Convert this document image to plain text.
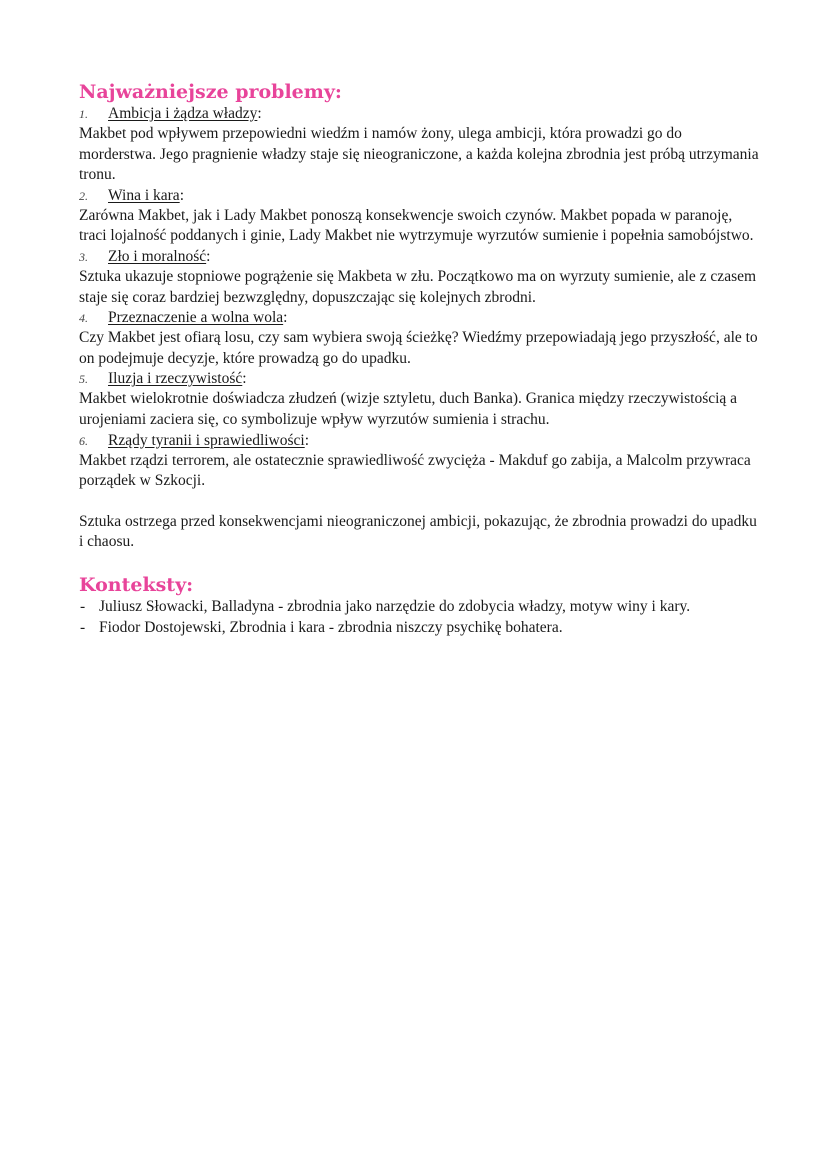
Najważniejsze problemy:
1. Ambicja i żądza władzy:

Makbet pod wpływem przepowiedni wiedźm i namów żony, ulega ambicji, która prowadzi go do morderstwa. Jego pragnienie władzy staje się nieograniczone, a każda kolejna zbrodnia jest próbą utrzymania tronu.

2. Wina i kara:

Zarówna Makbet, jak i Lady Makbet ponoszą konsekwencje swoich czynów. Makbet popada w paranoję, traci lojalność poddanych i ginie, Lady Makbet nie wytrzymuje wyrzutów sumienie i popełnia samobójstwo.

3. Zło i moralność:

Sztuka ukazuje stopniowe pogrążenie się Makbeta w złu. Początkowo ma on wyrzuty sumienie, ale z czasem staje się coraz bardziej bezwzględny, dopuszczając się kolejnych zbrodni.

4. Przeznaczenie a wolna wola:

Czy Makbet jest ofiarą losu, czy sam wybiera swoją ścieżkę? Wiedźmy przepowiadają jego przyszłość, ale to on podejmuje decyzje, które prowadzą go do upadku.

5. Iluzja i rzeczywistość:

Makbet wielokrotnie doświadcza złudzeń (wizje sztyletu, duch Banka). Granica między rzeczywistością a urojeniami zaciera się, co symbolizuje wpływ wyrzutów sumienia i strachu.

6. Rządy tyranii i sprawiedliwości:

Makbet rządzi terrorem, ale ostatecznie sprawiedliwość zwycięża - Makduf go zabija, a Malcolm przywraca porządek w Szkocji.

Sztuka ostrzega przed konsekwencjami nieograniczonej ambicji, pokazując, że zbrodnia prowadzi do upadku i chaosu.

Konteksty:
- Juliusz Słowacki, Balladyna - zbrodnia jako narzędzie do zdobycia władzy, motyw winy i kary.
- Fiodor Dostojewski, Zbrodnia i kara - zbrodnia niszczy psychikę bohatera.
